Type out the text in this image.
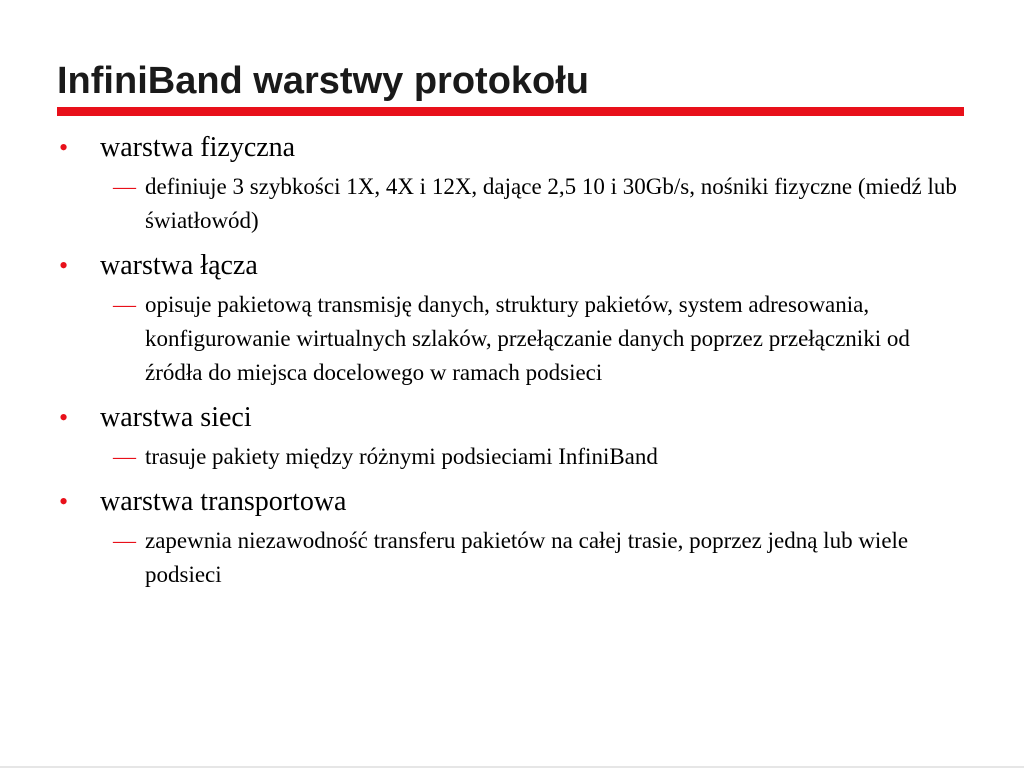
InfiniBand warstwy protokołu
•	warstwa fizyczna
— definiuje 3 szybkości 1X, 4X i 12X, dające 2,5 10 i 30Gb/s, nośniki fizyczne (miedź lub światłowód)
•	warstwa łącza
— opisuje pakietową transmisję danych, struktury pakietów, system adresowania, konfigurowanie wirtualnych szlaków, przełączanie danych poprzez przełączniki od źródła do miejsca docelowego w ramach podsieci
•	warstwa sieci
— trasuje pakiety między różnymi podsieciami InfiniBand
•	warstwa transportowa
— zapewnia niezawodność transferu pakietów na całej trasie, poprzez jedną lub wiele podsieci
